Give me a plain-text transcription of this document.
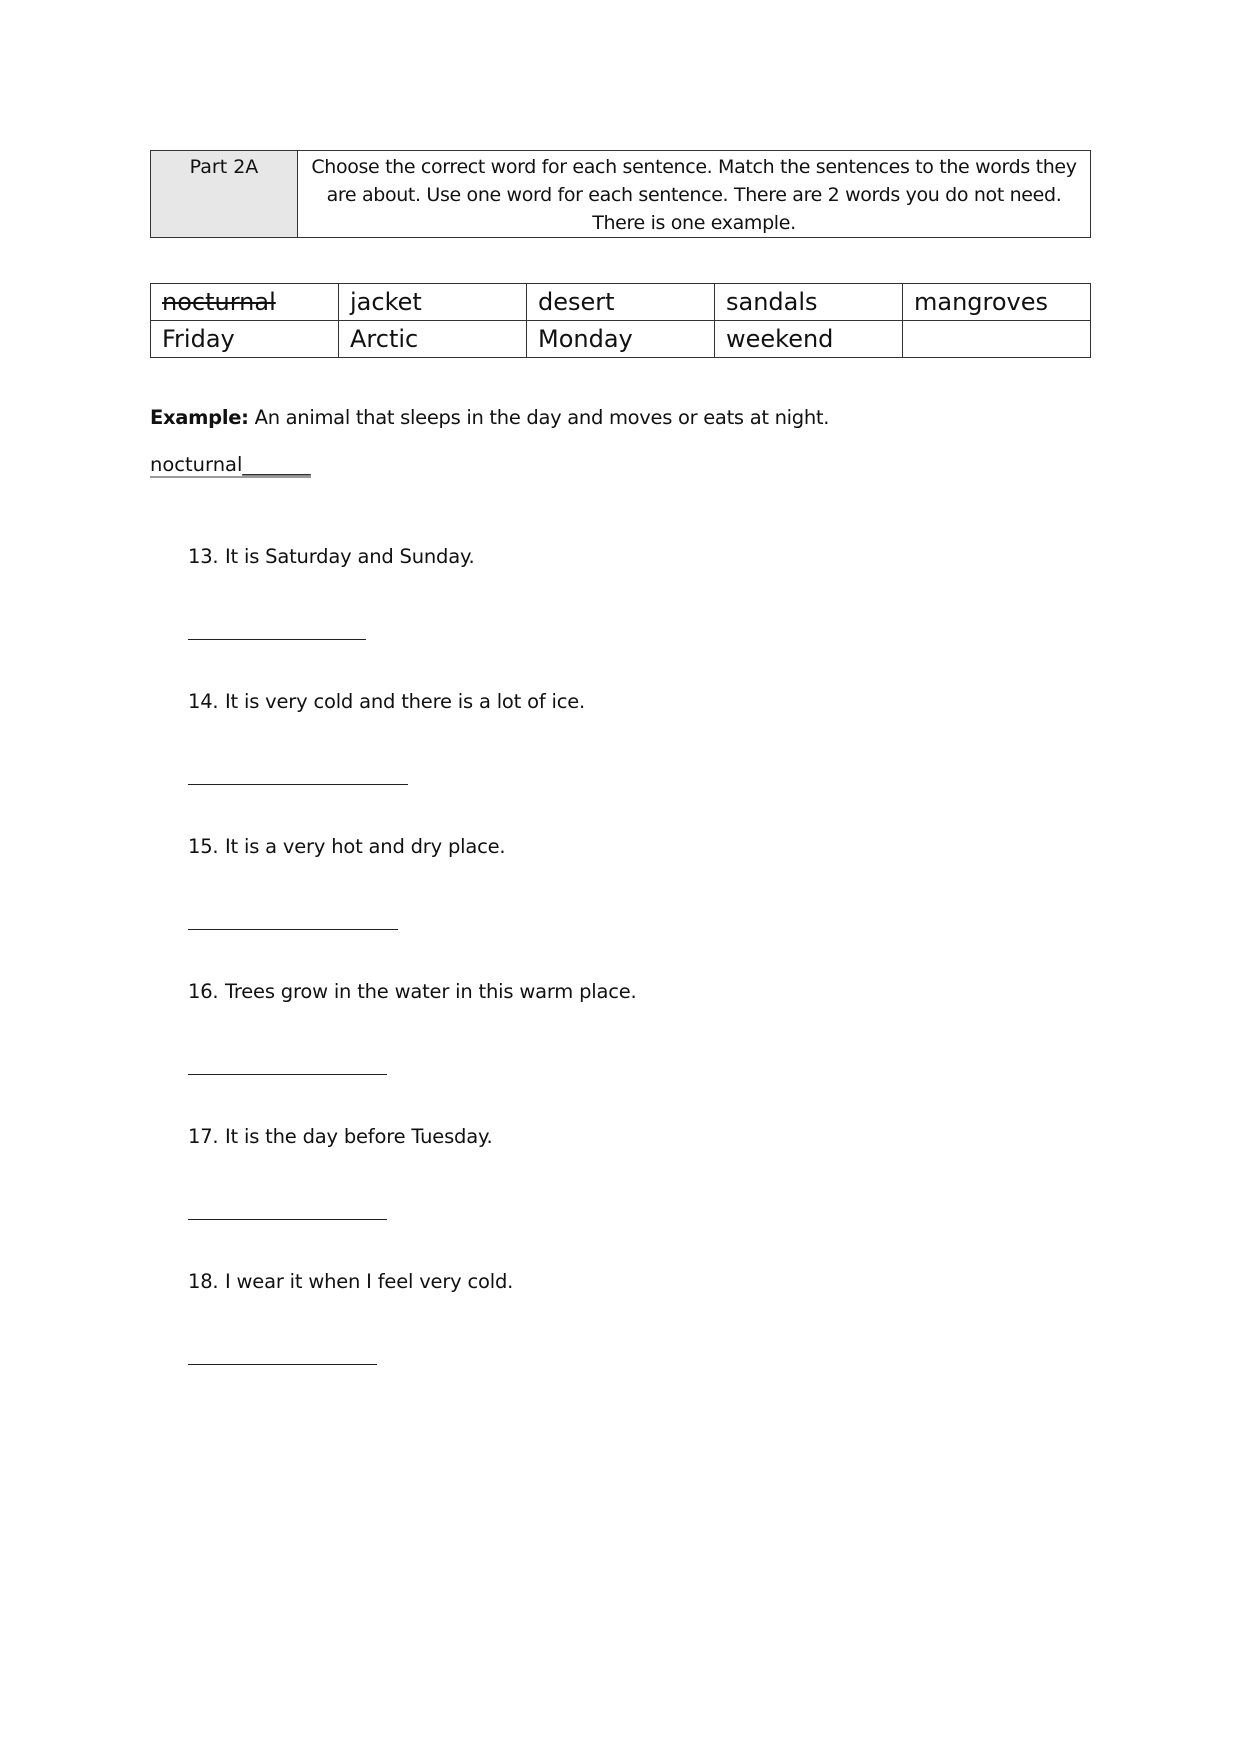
Part 2A	Choose the correct word for each sentence. Match the sentences to the words they are about. Use one word for each sentence. There are 2 words you do not need. There is one example.
nocturnal	jacket	desert	sandals	mangroves
Friday	Arctic	Monday	weekend	
Example: An animal that sleeps in the day and moves or eats at night.
nocturnal_______
13. It is Saturday and Sunday.
14. It is very cold and there is a lot of ice.
15. It is a very hot and dry place.
16. Trees grow in the water in this warm place.
17. It is the day before Tuesday.
18. I wear it when I feel very cold.
